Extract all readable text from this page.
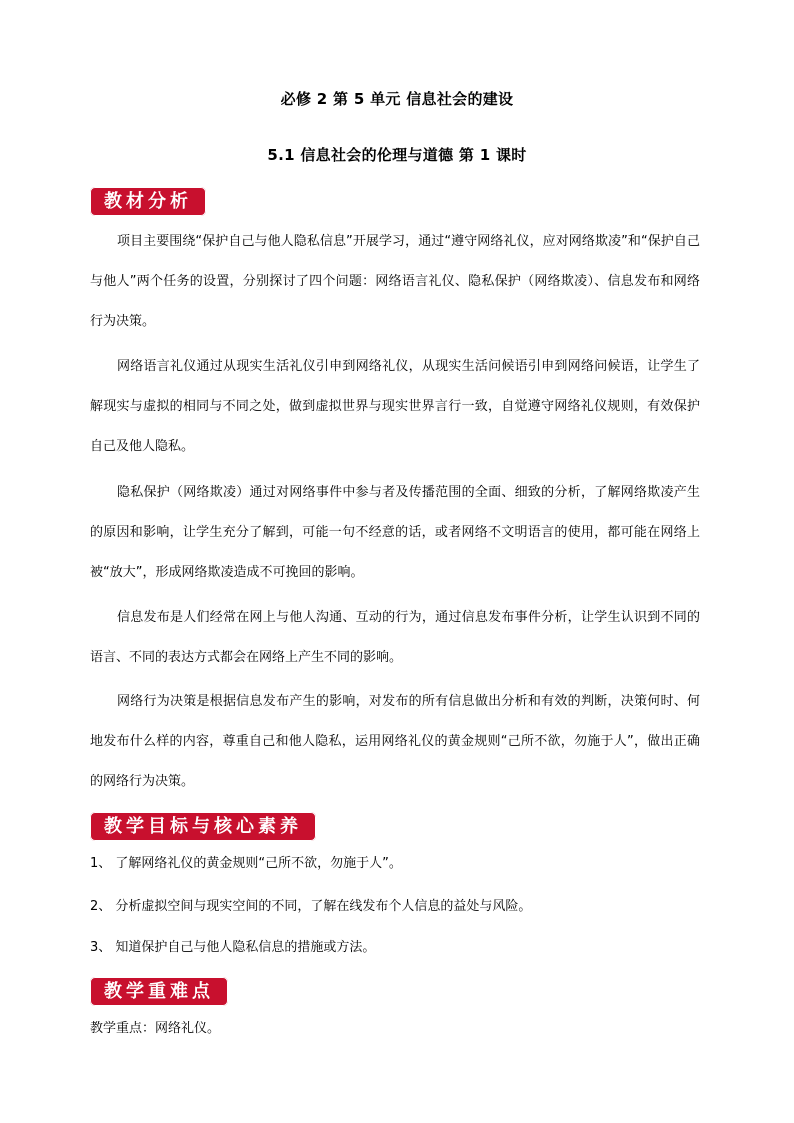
必修 2 第 5 单元 信息社会的建设
5.1 信息社会的伦理与道德 第 1 课时
教材分析

项目主要围绕“保护自己与他人隐私信息”开展学习，通过“遵守网络礼仪，应对网络欺凌”和“保护自己与他人”两个任务的设置，分别探讨了四个问题：网络语言礼仪、隐私保护（网络欺凌）、信息发布和网络行为决策。

网络语言礼仪通过从现实生活礼仪引申到网络礼仪，从现实生活问候语引申到网络问候语，让学生了解现实与虚拟的相同与不同之处，做到虚拟世界与现实世界言行一致，自觉遵守网络礼仪规则，有效保护自己及他人隐私。

隐私保护（网络欺凌）通过对网络事件中参与者及传播范围的全面、细致的分析，了解网络欺凌产生的原因和影响，让学生充分了解到，可能一句不经意的话，或者网络不文明语言的使用，都可能在网络上被“放大”，形成网络欺凌造成不可挽回的影响。

信息发布是人们经常在网上与他人沟通、互动的行为，通过信息发布事件分析，让学生认识到不同的语言、不同的表达方式都会在网络上产生不同的影响。

网络行为决策是根据信息发布产生的影响，对发布的所有信息做出分析和有效的判断，决策何时、何地发布什么样的内容，尊重自己和他人隐私，运用网络礼仪的黄金规则“己所不欲，勿施于人”，做出正确的网络行为决策。

教学目标与核心素养

1、 了解网络礼仪的黄金规则“己所不欲，勿施于人”。

2、 分析虚拟空间与现实空间的不同，了解在线发布个人信息的益处与风险。

3、 知道保护自己与他人隐私信息的措施或方法。

教学重难点
教学重点：网络礼仪。
